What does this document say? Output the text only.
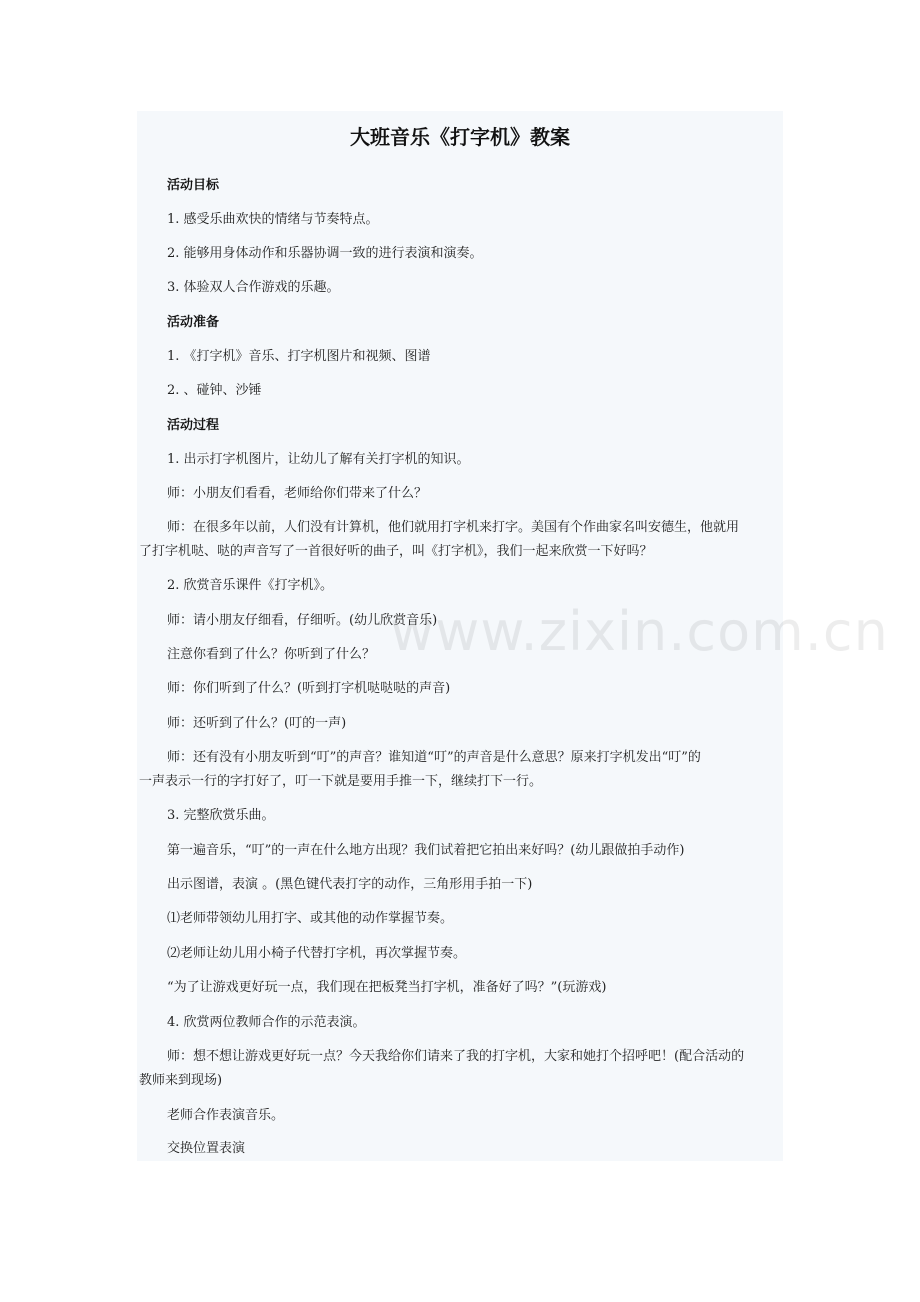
大班音乐《打字机》教案
活动目标
1. 感受乐曲欢快的情绪与节奏特点。
2. 能够用身体动作和乐器协调一致的进行表演和演奏。
3. 体验双人合作游戏的乐趣。
活动准备
1. 《打字机》音乐、打字机图片和视频、图谱
2. 、碰钟、沙锤
活动过程
1. 出示打字机图片，让幼儿了解有关打字机的知识。
师：小朋友们看看，老师给你们带来了什么？
师：在很多年以前，人们没有计算机，他们就用打字机来打字。美国有个作曲家名叫安德生，他就用
了打字机哒、哒的声音写了一首很好听的曲子，叫《打字机》，我们一起来欣赏一下好吗？
2. 欣赏音乐课件《打字机》。
师：请小朋友仔细看，仔细听。(幼儿欣赏音乐)
注意你看到了什么？你听到了什么？
师：你们听到了什么？(听到打字机哒哒哒的声音)
师：还听到了什么？(叮的一声)
师：还有没有小朋友听到“叮”的声音？谁知道“叮”的声音是什么意思？原来打字机发出“叮”的
一声表示一行的字打好了，叮一下就是要用手推一下，继续打下一行。
3. 完整欣赏乐曲。
第一遍音乐，“叮”的一声在什么地方出现？我们试着把它拍出来好吗？(幼儿跟做拍手动作)
出示图谱，表演 。(黑色键代表打字的动作，三角形用手拍一下)
⑴老师带领幼儿用打字、或其他的动作掌握节奏。
⑵老师让幼儿用小椅子代替打字机，再次掌握节奏。
“为了让游戏更好玩一点，我们现在把板凳当打字机，准备好了吗？”(玩游戏)
4. 欣赏两位教师合作的示范表演。
师：想不想让游戏更好玩一点？今天我给你们请来了我的打字机，大家和她打个招呼吧！(配合活动的
教师来到现场)
老师合作表演音乐。
交换位置表演
